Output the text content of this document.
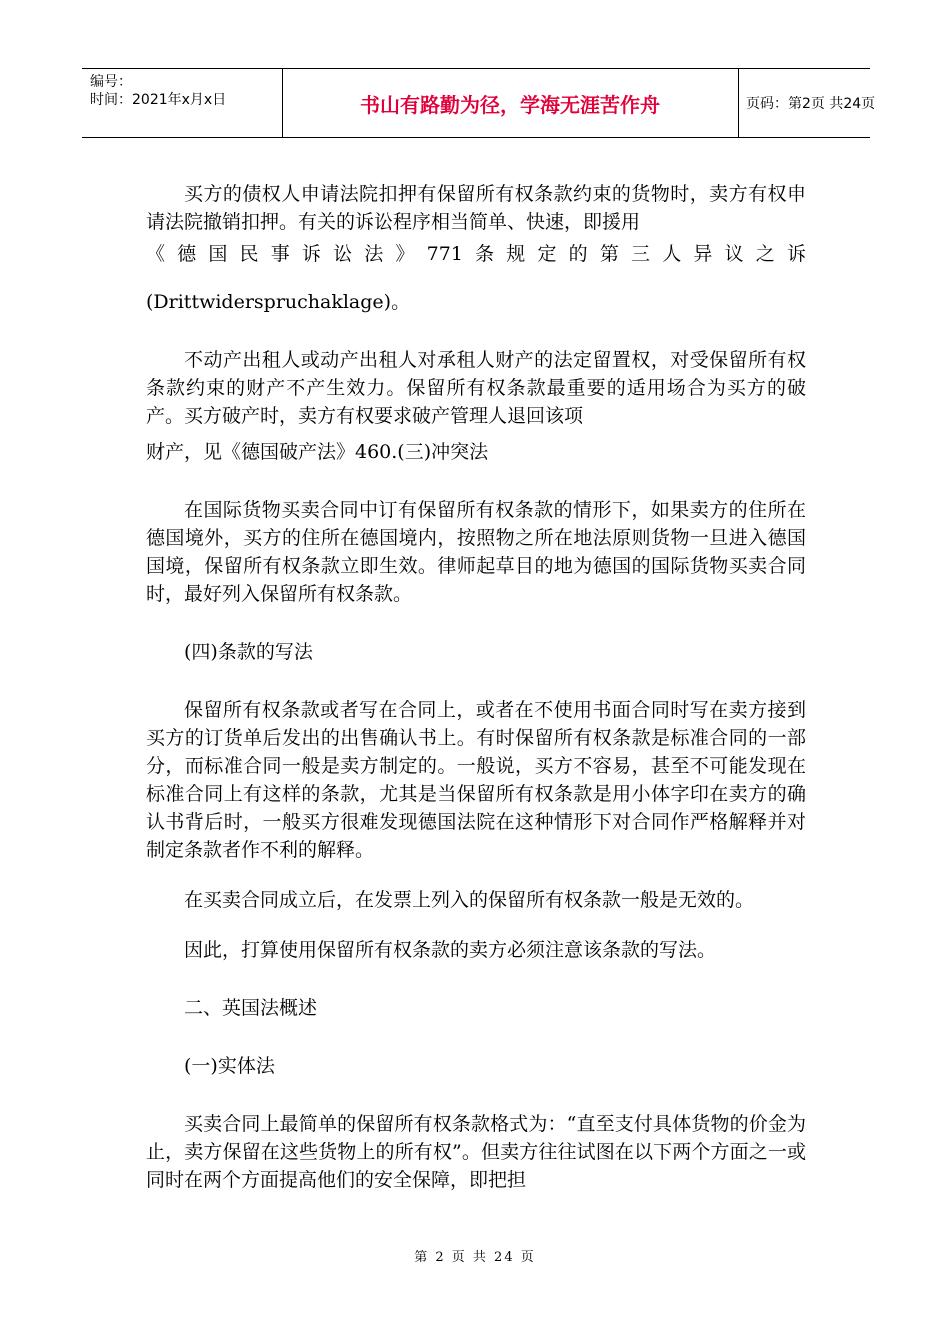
编号：
时间：2021年x月x日	书山有路勤为径，学海无涯苦作舟	页码：第2页 共24页

买方的债权人申请法院扣押有保留所有权条款约束的货物时，卖方有权申请法院撤销扣押。有关的诉讼程序相当简单、快速，即援用

《德国民事诉讼法》771条规定的第三人异议之诉

(Drittwiderspruchaklage)。

不动产出租人或动产出租人对承租人财产的法定留置权，对受保留所有权条款约束的财产不产生效力。保留所有权条款最重要的适用场合为买方的破产。买方破产时，卖方有权要求破产管理人退回该项

财产，见《德国破产法》460.(三)冲突法

在国际货物买卖合同中订有保留所有权条款的情形下，如果卖方的住所在德国境外，买方的住所在德国境内，按照物之所在地法原则货物一旦进入德国国境，保留所有权条款立即生效。律师起草目的地为德国的国际货物买卖合同时，最好列入保留所有权条款。

(四)条款的写法

保留所有权条款或者写在合同上，或者在不使用书面合同时写在卖方接到买方的订货单后发出的出售确认书上。有时保留所有权条款是标准合同的一部分，而标准合同一般是卖方制定的。一般说，买方不容易，甚至不可能发现在标准合同上有这样的条款，尤其是当保留所有权条款是用小体字印在卖方的确认书背后时，一般买方很难发现德国法院在这种情形下对合同作严格解释并对制定条款者作不利的解释。

在买卖合同成立后，在发票上列入的保留所有权条款一般是无效的。

因此，打算使用保留所有权条款的卖方必须注意该条款的写法。

二、英国法概述

(一)实体法

买卖合同上最简单的保留所有权条款格式为：“直至支付具体货物的价金为止，卖方保留在这些货物上的所有权”。但卖方往往试图在以下两个方面之一或同时在两个方面提高他们的安全保障，即把担

第 2 页 共 24 页
